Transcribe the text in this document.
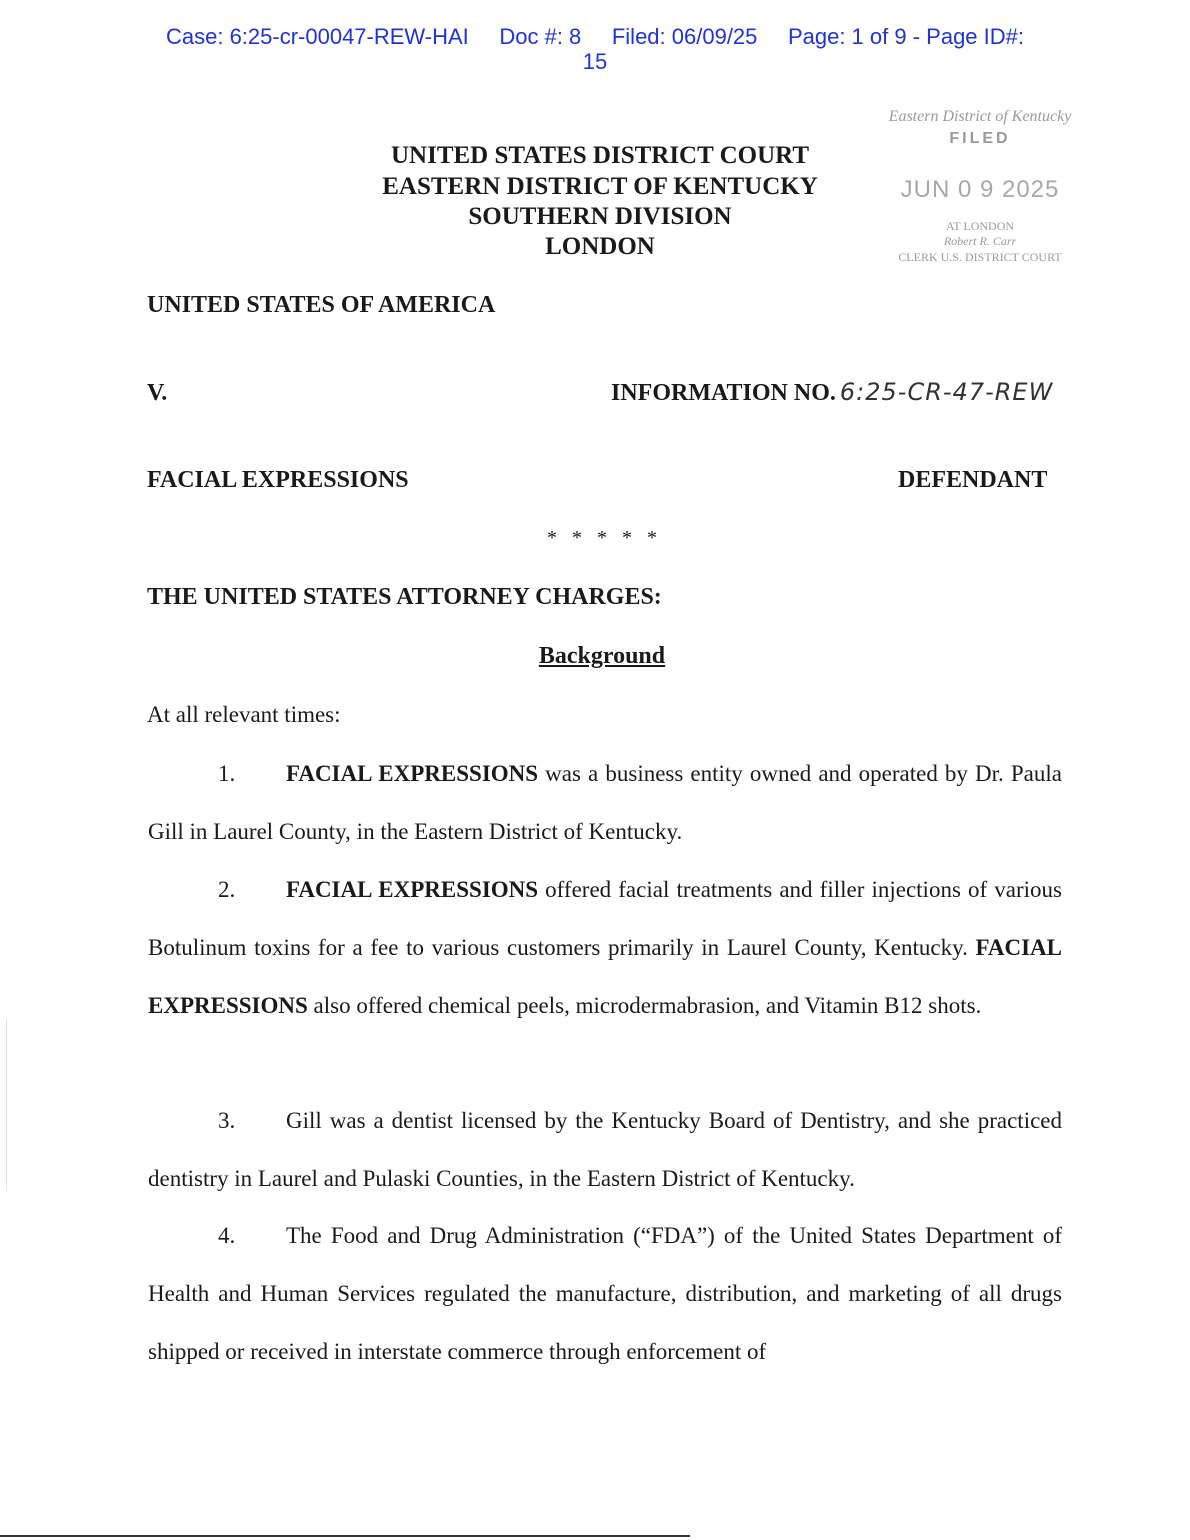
Case: 6:25-cr-00047-REW-HAI     Doc #: 8     Filed: 06/09/25     Page: 1 of 9 - Page ID#:
15
UNITED STATES DISTRICT COURT
EASTERN DISTRICT OF KENTUCKY
SOUTHERN DIVISION
LONDON
Eastern District of Kentucky
FILED
JUN 0 9 2025
AT LONDON
Robert R. Carr
CLERK U.S. DISTRICT COURT
UNITED STATES OF AMERICA
V.	INFORMATION NO. 6:25-CR-47-REW
FACIAL EXPRESSIONS	DEFENDANT
*   *   *   *   *
THE UNITED STATES ATTORNEY CHARGES:
Background
At all relevant times:
1. FACIAL EXPRESSIONS was a business entity owned and operated by Dr. Paula Gill in Laurel County, in the Eastern District of Kentucky.
2. FACIAL EXPRESSIONS offered facial treatments and filler injections of various Botulinum toxins for a fee to various customers primarily in Laurel County, Kentucky. FACIAL EXPRESSIONS also offered chemical peels, microdermabrasion, and Vitamin B12 shots.
3. Gill was a dentist licensed by the Kentucky Board of Dentistry, and she practiced dentistry in Laurel and Pulaski Counties, in the Eastern District of Kentucky.
4. The Food and Drug Administration (“FDA”) of the United States Department of Health and Human Services regulated the manufacture, distribution, and marketing of all drugs shipped or received in interstate commerce through enforcement of
